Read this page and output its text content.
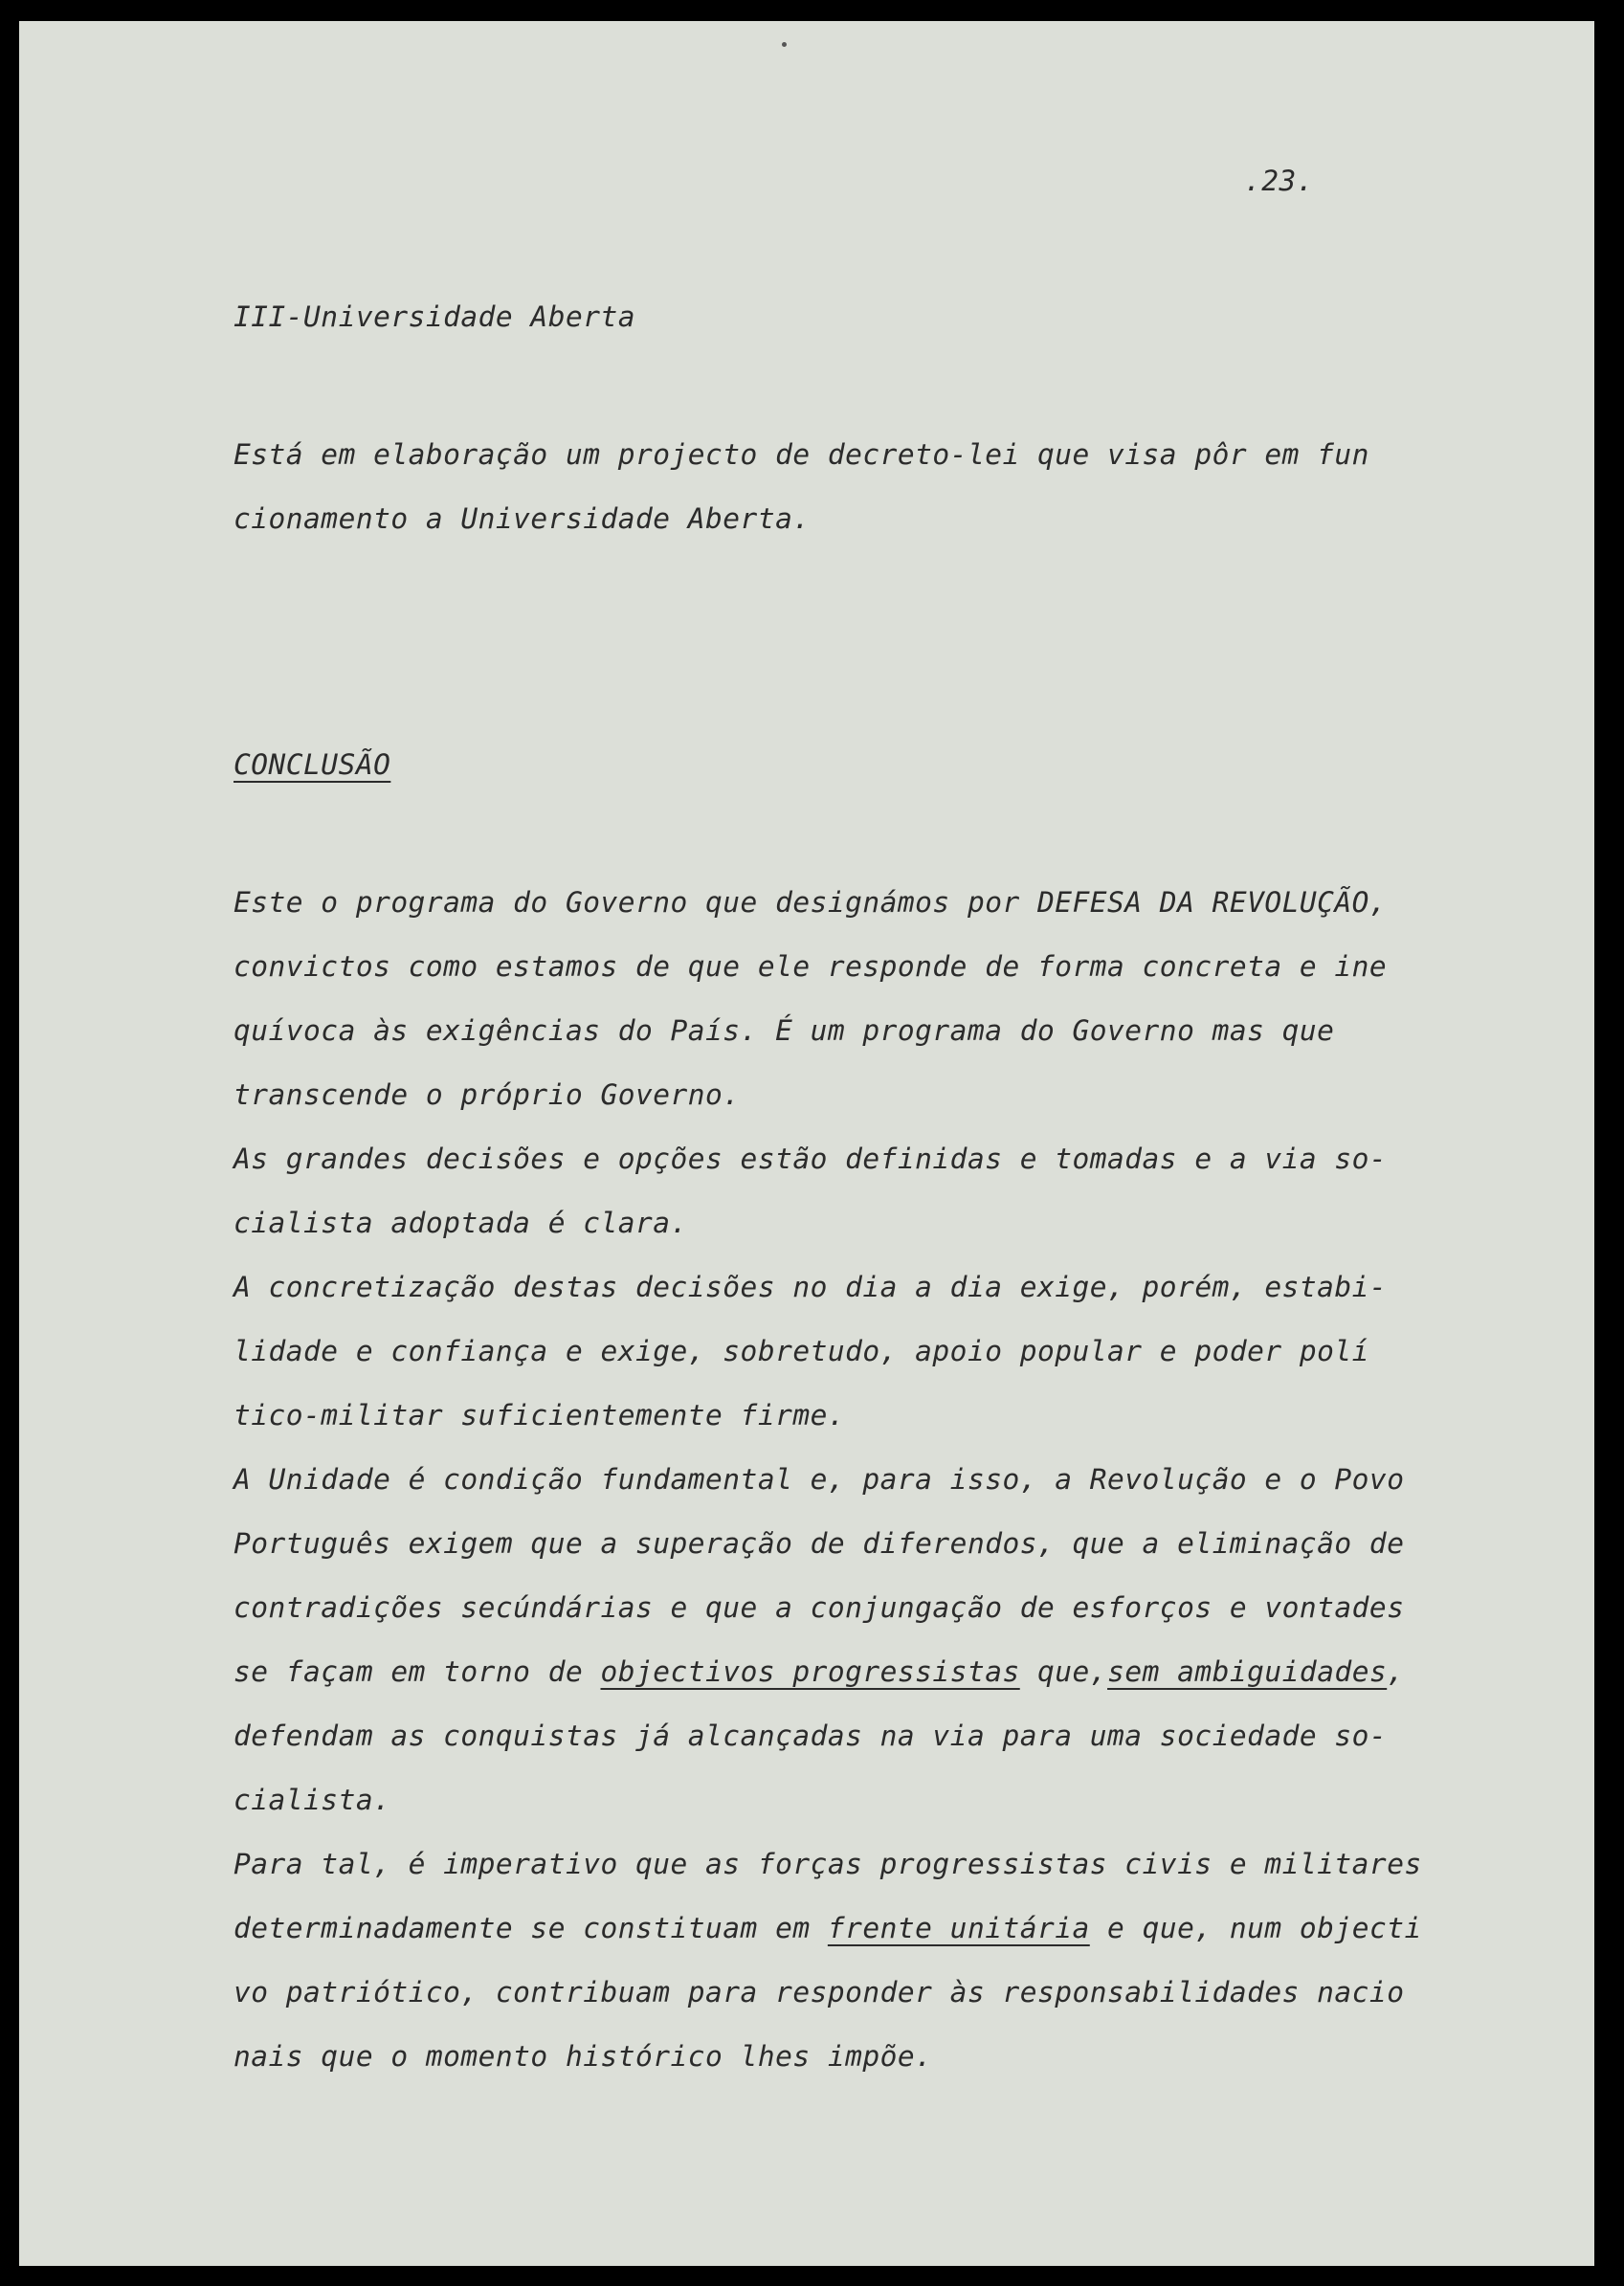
.23.

III-Universidade Aberta

Está em elaboração um projecto de decreto-lei que visa pôr em fun
cionamento a Universidade Aberta.

CONCLUSÃO

Este o programa do Governo que designámos por DEFESA DA REVOLUÇÃO,
convictos como estamos de que ele responde de forma concreta e ine
quívoca às exigências do País. É um programa do Governo mas que
transcende o próprio Governo.
As grandes decisões e opções estão definidas e tomadas e a via so-
cialista adoptada é clara.
A concretização destas decisões no dia a dia exige, porém, estabi-
lidade e confiança e exige, sobretudo, apoio popular e poder polí
tico-militar suficientemente firme.
A Unidade é condição fundamental e, para isso, a Revolução e o Povo
Português exigem que a superação de diferendos, que a eliminação de
contradições secúndárias e que a conjungação de esforços e vontades
se façam em torno de objectivos progressistas que,sem ambiguidades,
defendam as conquistas já alcançadas na via para uma sociedade so-
cialista.
Para tal, é imperativo que as forças progressistas civis e militares
determinadamente se constituam em frente unitária e que, num objecti
vo patriótico, contribuam para responder às responsabilidades nacio
nais que o momento histórico lhes impõe.
